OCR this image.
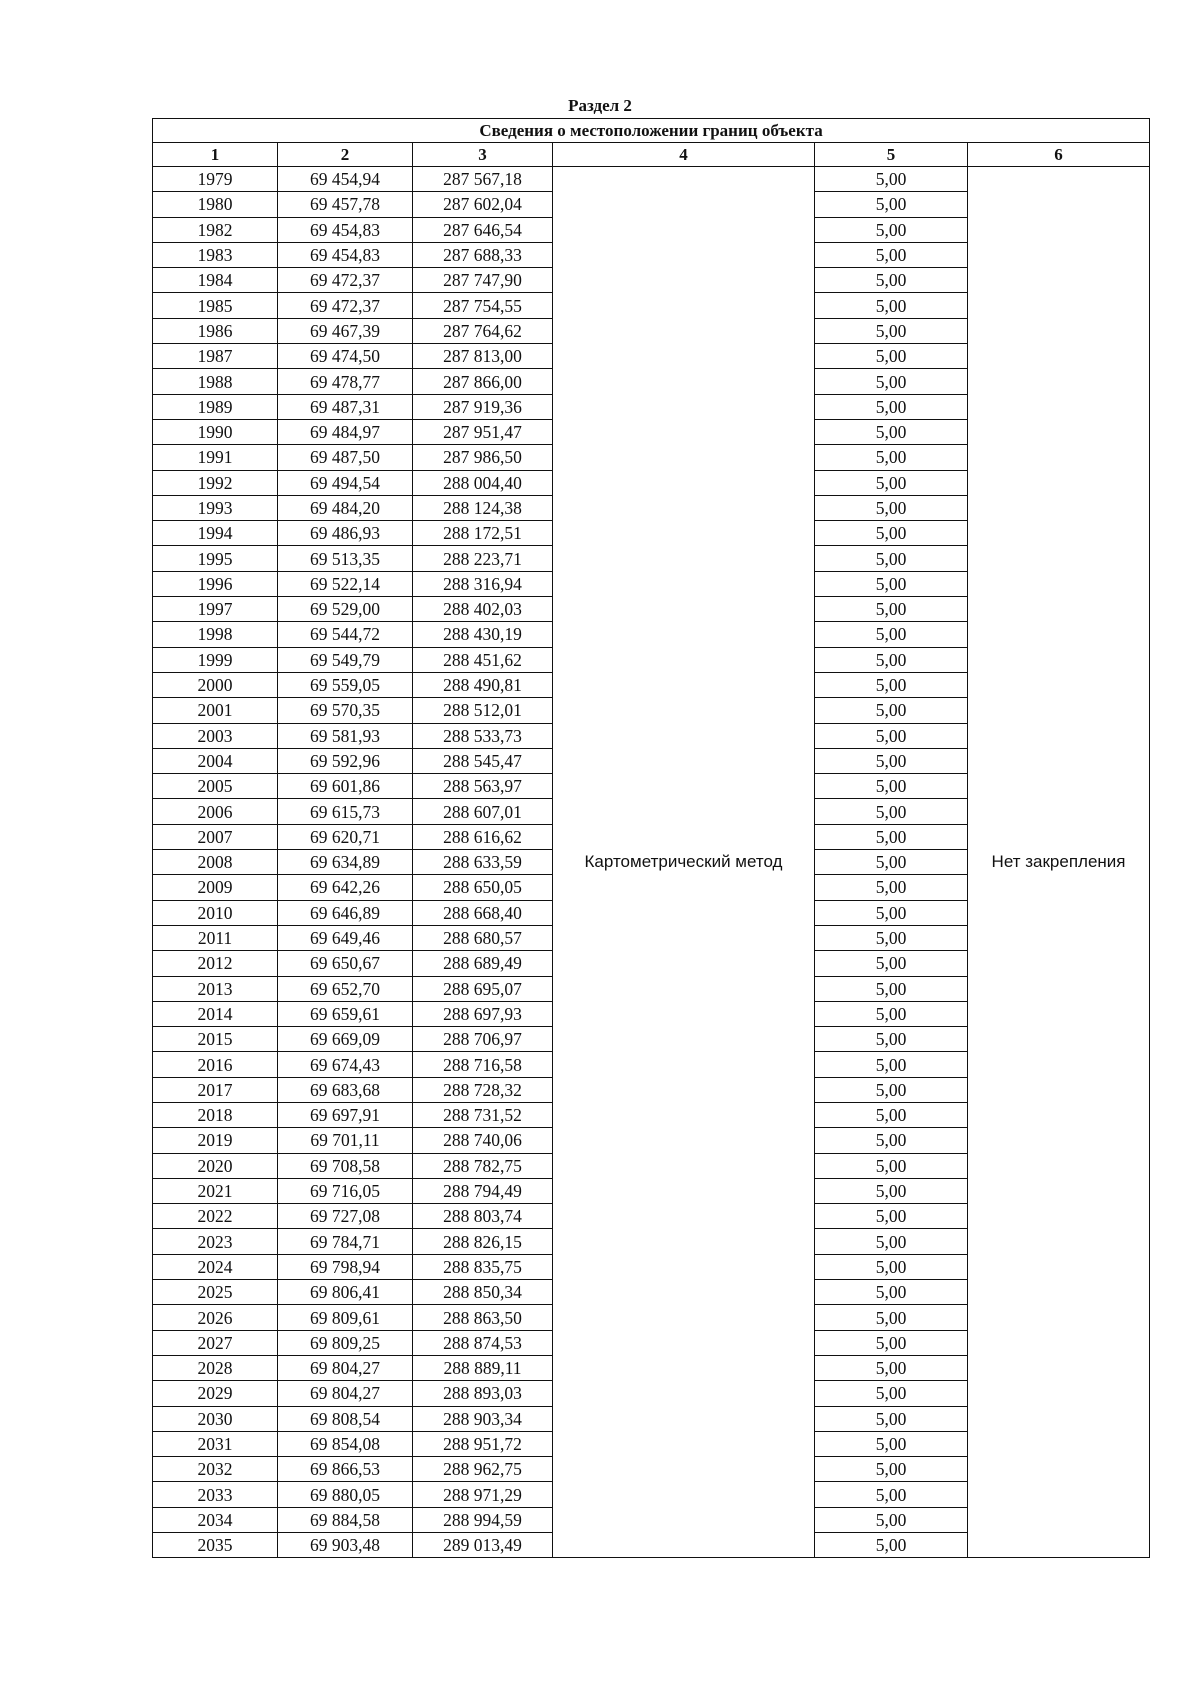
Раздел 2
Сведения о местоположении границ объекта					
1	2	3	4	5	6
1979	69 454,94	287 567,18	Картометрический метод	5,00	Нет закрепления
1980	69 457,78	287 602,04		5,00	
1982	69 454,83	287 646,54		5,00	
1983	69 454,83	287 688,33		5,00	
1984	69 472,37	287 747,90		5,00	
1985	69 472,37	287 754,55		5,00	
1986	69 467,39	287 764,62		5,00	
1987	69 474,50	287 813,00		5,00	
1988	69 478,77	287 866,00		5,00	
1989	69 487,31	287 919,36		5,00	
1990	69 484,97	287 951,47		5,00	
1991	69 487,50	287 986,50		5,00	
1992	69 494,54	288 004,40		5,00	
1993	69 484,20	288 124,38		5,00	
1994	69 486,93	288 172,51		5,00	
1995	69 513,35	288 223,71		5,00	
1996	69 522,14	288 316,94		5,00	
1997	69 529,00	288 402,03		5,00	
1998	69 544,72	288 430,19		5,00	
1999	69 549,79	288 451,62		5,00	
2000	69 559,05	288 490,81		5,00	
2001	69 570,35	288 512,01		5,00	
2003	69 581,93	288 533,73		5,00	
2004	69 592,96	288 545,47		5,00	
2005	69 601,86	288 563,97		5,00	
2006	69 615,73	288 607,01		5,00	
2007	69 620,71	288 616,62		5,00	
2008	69 634,89	288 633,59		5,00	
2009	69 642,26	288 650,05		5,00	
2010	69 646,89	288 668,40		5,00	
2011	69 649,46	288 680,57		5,00	
2012	69 650,67	288 689,49		5,00	
2013	69 652,70	288 695,07		5,00	
2014	69 659,61	288 697,93		5,00	
2015	69 669,09	288 706,97		5,00	
2016	69 674,43	288 716,58		5,00	
2017	69 683,68	288 728,32		5,00	
2018	69 697,91	288 731,52		5,00	
2019	69 701,11	288 740,06		5,00	
2020	69 708,58	288 782,75		5,00	
2021	69 716,05	288 794,49		5,00	
2022	69 727,08	288 803,74		5,00	
2023	69 784,71	288 826,15		5,00	
2024	69 798,94	288 835,75		5,00	
2025	69 806,41	288 850,34		5,00	
2026	69 809,61	288 863,50		5,00	
2027	69 809,25	288 874,53		5,00	
2028	69 804,27	288 889,11		5,00	
2029	69 804,27	288 893,03		5,00	
2030	69 808,54	288 903,34		5,00	
2031	69 854,08	288 951,72		5,00	
2032	69 866,53	288 962,75		5,00	
2033	69 880,05	288 971,29		5,00	
2034	69 884,58	288 994,59		5,00	
2035	69 903,48	289 013,49		5,00	
